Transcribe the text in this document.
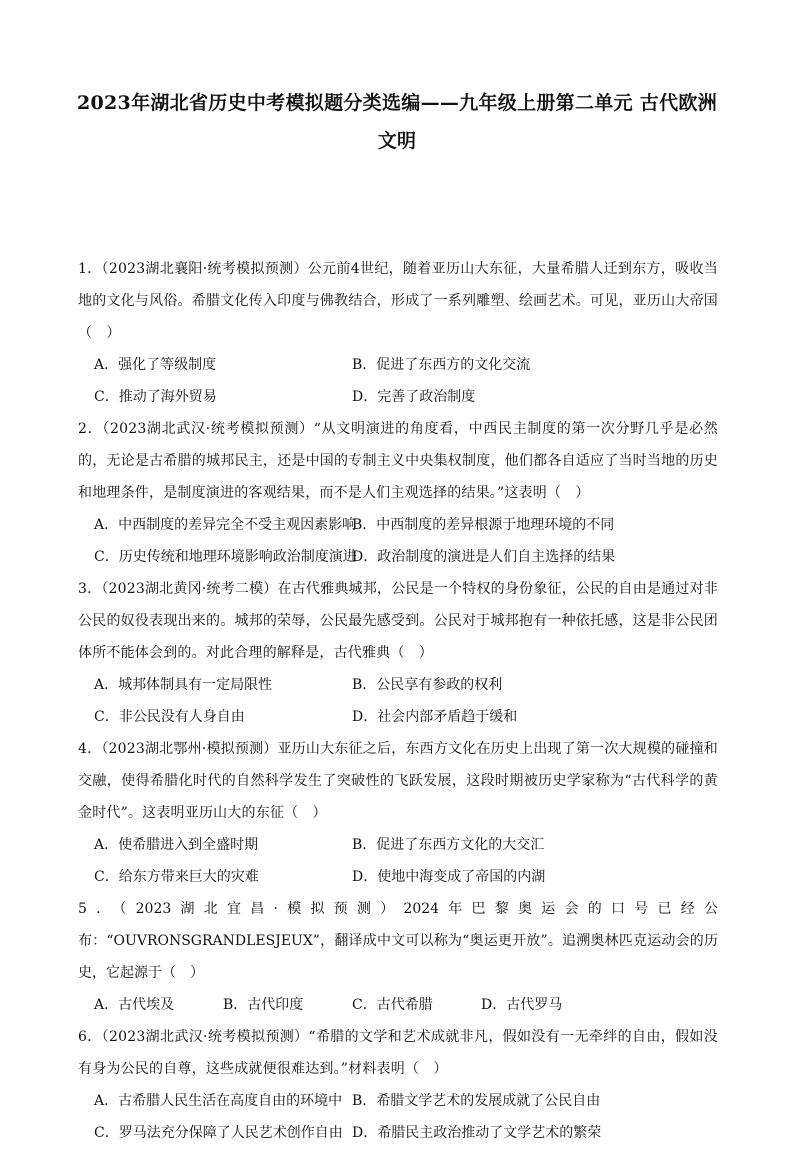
2023年湖北省历史中考模拟题分类选编——九年级上册第二单元 古代欧洲文明

1．（2023湖北襄阳·统考模拟预测）公元前4世纪，随着亚历山大东征，大量希腊人迁到东方，吸收当地的文化与风俗。希腊文化传入印度与佛教结合，形成了一系列雕塑、绘画艺术。可见，亚历山大帝国（　）

A．强化了等级制度	B．促进了东西方的文化交流
C．推动了海外贸易	D．完善了政治制度

2．（2023湖北武汉·统考模拟预测）“从文明演进的角度看，中西民主制度的第一次分野几乎是必然的，无论是古希腊的城邦民主，还是中国的专制主义中央集权制度，他们都各自适应了当时当地的历史和地理条件，是制度演进的客观结果，而不是人们主观选择的结果。”这表明（　）

A．中西制度的差异完全不受主观因素影响
B．中西制度的差异根源于地理环境的不同
C．历史传统和地理环境影响政治制度演进
D．政治制度的演进是人们自主选择的结果

3．（2023湖北黄冈·统考二模）在古代雅典城邦，公民是一个特权的身份象征，公民的自由是通过对非公民的奴役表现出来的。城邦的荣辱，公民最先感受到。公民对于城邦抱有一种依托感，这是非公民团体所不能体会到的。对此合理的解释是，古代雅典（　）

A．城邦体制具有一定局限性	B．公民享有参政的权利
C．非公民没有人身自由	D．社会内部矛盾趋于缓和

4．（2023湖北鄂州·模拟预测）亚历山大东征之后，东西方文化在历史上出现了第一次大规模的碰撞和交融，使得希腊化时代的自然科学发生了突破性的飞跃发展，这段时期被历史学家称为“古代科学的黄金时代”。这表明亚历山大的东征（　）

A．使希腊进入到全盛时期	B．促进了东西方文化的大交汇
C．给东方带来巨大的灾难	D．使地中海变成了帝国的内湖

5．（2023湖北宜昌·模拟预测）2024年巴黎奥运会的口号已经公布：“OUVRONSGRANDLESJEUX”，翻译成中文可以称为“奥运更开放”。追溯奥林匹克运动会的历史，它起源于（　）

A．古代埃及	B．古代印度	C．古代希腊	D．古代罗马

6．（2023湖北武汉·统考模拟预测）“希腊的文学和艺术成就非凡，假如没有一无牵绊的自由，假如没有身为公民的自尊，这些成就便很难达到。”材料表明（　）

A．古希腊人民生活在高度自由的环境中 B．希腊文学艺术的发展成就了公民自由
C．罗马法充分保障了人民艺术创作自由 D．希腊民主政治推动了文学艺术的繁荣
